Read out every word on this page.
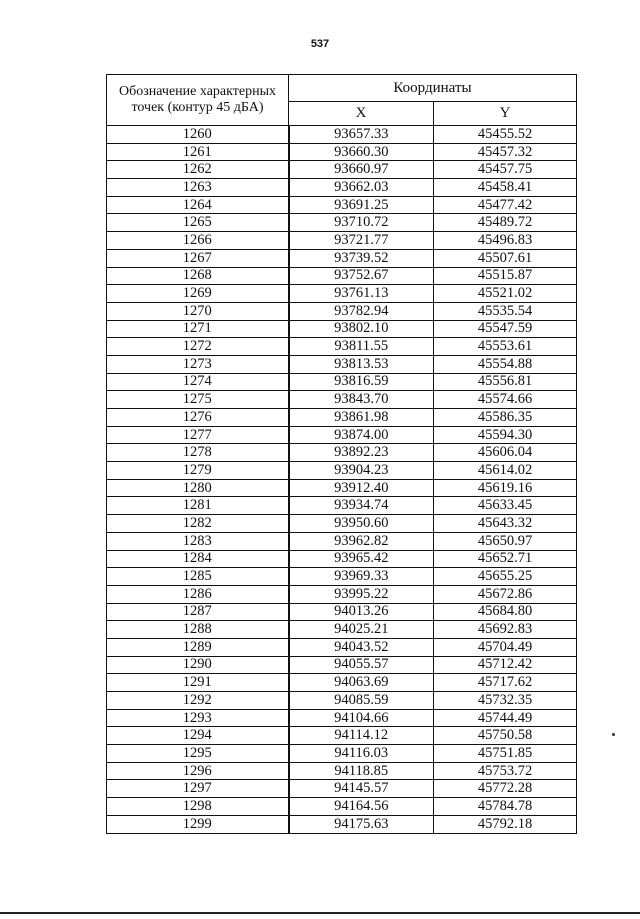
537
Обозначение характерных точек (контур 45 дБА)	Координаты	
	X	Y
1260	93657.33	45455.52
1261	93660.30	45457.32
1262	93660.97	45457.75
1263	93662.03	45458.41
1264	93691.25	45477.42
1265	93710.72	45489.72
1266	93721.77	45496.83
1267	93739.52	45507.61
1268	93752.67	45515.87
1269	93761.13	45521.02
1270	93782.94	45535.54
1271	93802.10	45547.59
1272	93811.55	45553.61
1273	93813.53	45554.88
1274	93816.59	45556.81
1275	93843.70	45574.66
1276	93861.98	45586.35
1277	93874.00	45594.30
1278	93892.23	45606.04
1279	93904.23	45614.02
1280	93912.40	45619.16
1281	93934.74	45633.45
1282	93950.60	45643.32
1283	93962.82	45650.97
1284	93965.42	45652.71
1285	93969.33	45655.25
1286	93995.22	45672.86
1287	94013.26	45684.80
1288	94025.21	45692.83
1289	94043.52	45704.49
1290	94055.57	45712.42
1291	94063.69	45717.62
1292	94085.59	45732.35
1293	94104.66	45744.49
1294	94114.12	45750.58
1295	94116.03	45751.85
1296	94118.85	45753.72
1297	94145.57	45772.28
1298	94164.56	45784.78
1299	94175.63	45792.18
